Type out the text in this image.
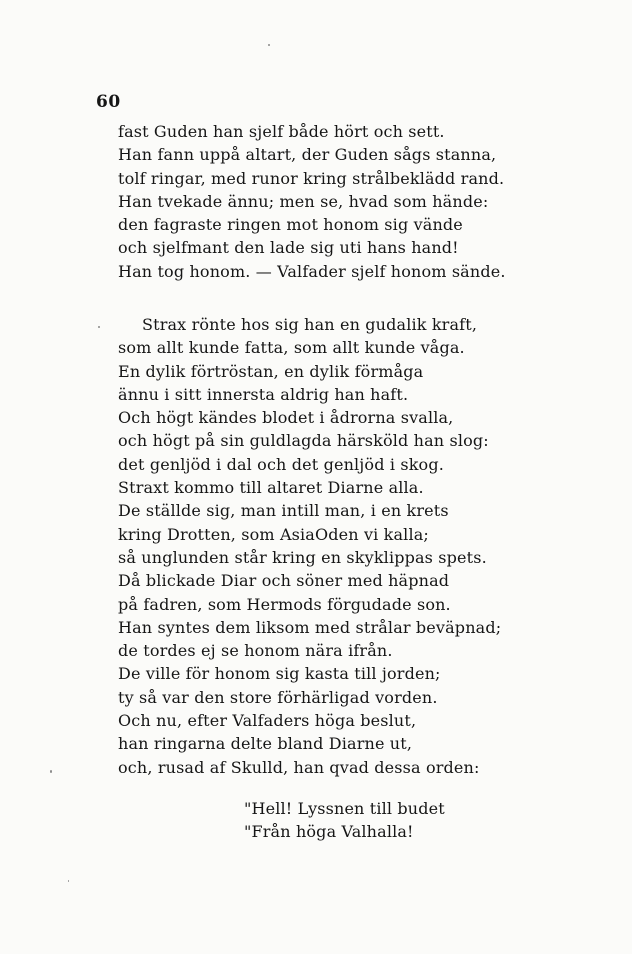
60
fast Guden han sjelf både hört och sett.
Han fann uppå altart, der Guden sågs stanna,
tolf ringar, med runor kring strålbeklädd rand.
Han tvekade ännu; men se, hvad som hände:
den fagraste ringen mot honom sig vände
och sjelfmant den lade sig uti hans hand!
Han tog honom. — Valfader sjelf honom sände.
Strax rönte hos sig han en gudalik kraft,
som allt kunde fatta, som allt kunde våga.
En dylik förtröstan, en dylik förmåga
ännu i sitt innersta aldrig han haft.
Och högt kändes blodet i ådrorna svalla,
och högt på sin guldlagda härsköld han slog:
det genljöd i dal och det genljöd i skog.
Straxt kommo till altaret Diarne alla.
De ställde sig, man intill man, i en krets
kring Drotten, som AsiaOden vi kalla;
så unglunden står kring en skyklippas spets.
Då blickade Diar och söner med häpnad
på fadren, som Hermods förgudade son.
Han syntes dem liksom med strålar beväpnad;
de tordes ej se honom nära ifrån.
De ville för honom sig kasta till jorden;
ty så var den store förhärligad vorden.
Och nu, efter Valfaders höga beslut,
han ringarna delte bland Diarne ut,
och, rusad af Skulld, han qvad dessa orden:
"Hell! Lyssnen till budet
"Från höga Valhalla!
